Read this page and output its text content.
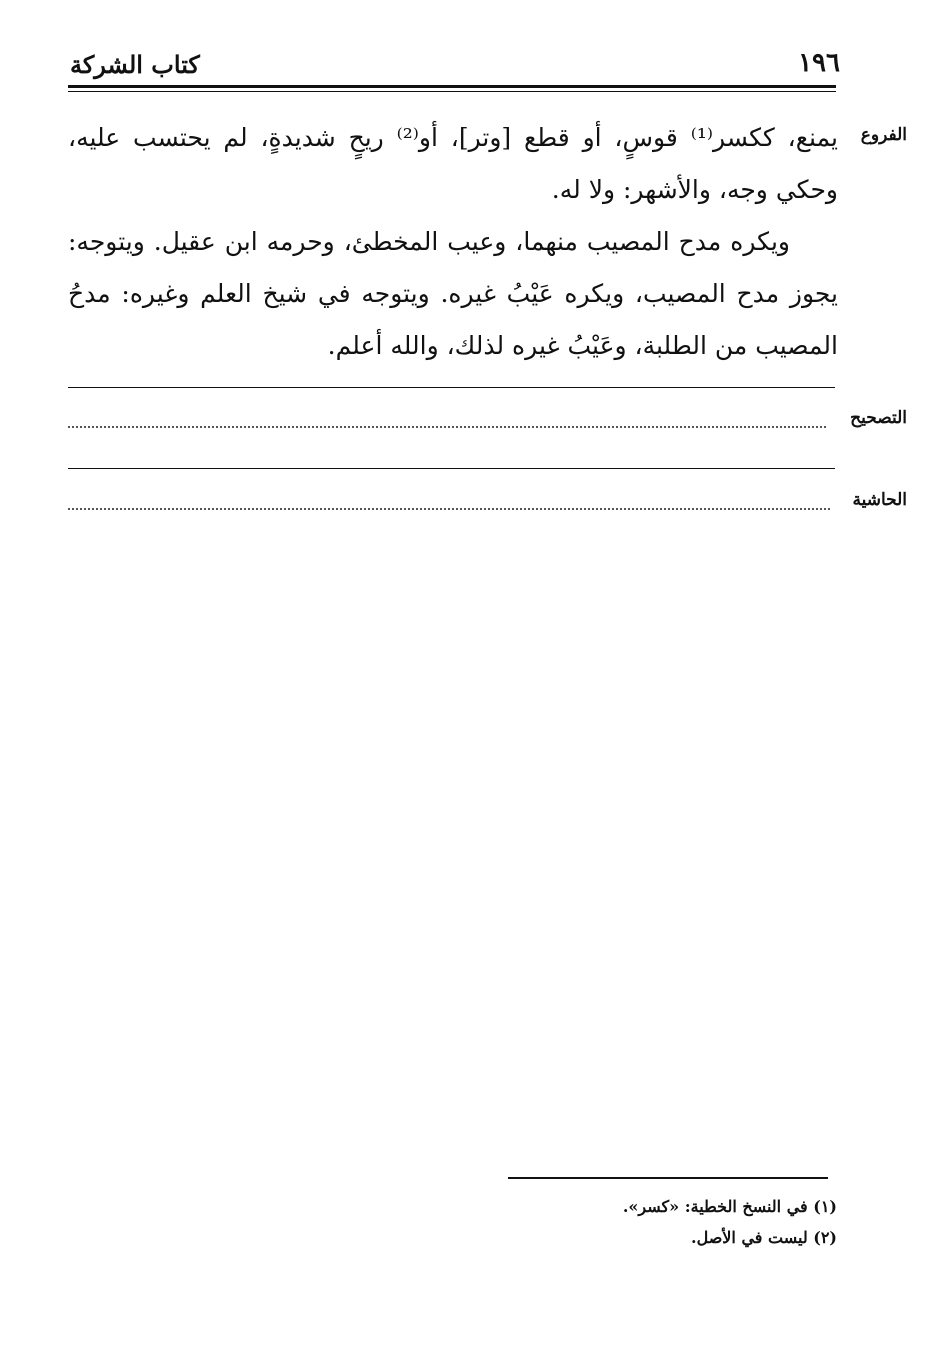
١٩٦
كتاب الشركة
الفروع

يمنع، ككسر⁽¹⁾ قوسٍ، أو قطع [وتر]، أو⁽²⁾ ريحٍ شديدةٍ، لم يحتسب عليه، وحكي وجه، والأشهر: ولا له.

ويكره مدح المصيب منهما، وعيب المخطئ، وحرمه ابن عقيل. ويتوجه: يجوز مدح المصيب، ويكره عَيْبُ غيره. ويتوجه في شيخ العلم وغيره: مدحُ المصيب من الطلبة، وعَيْبُ غيره لذلك، والله أعلم.

التصحيح
الحاشية
(١) في النسخ الخطية: «كسر».
(٢) ليست في الأصل.
